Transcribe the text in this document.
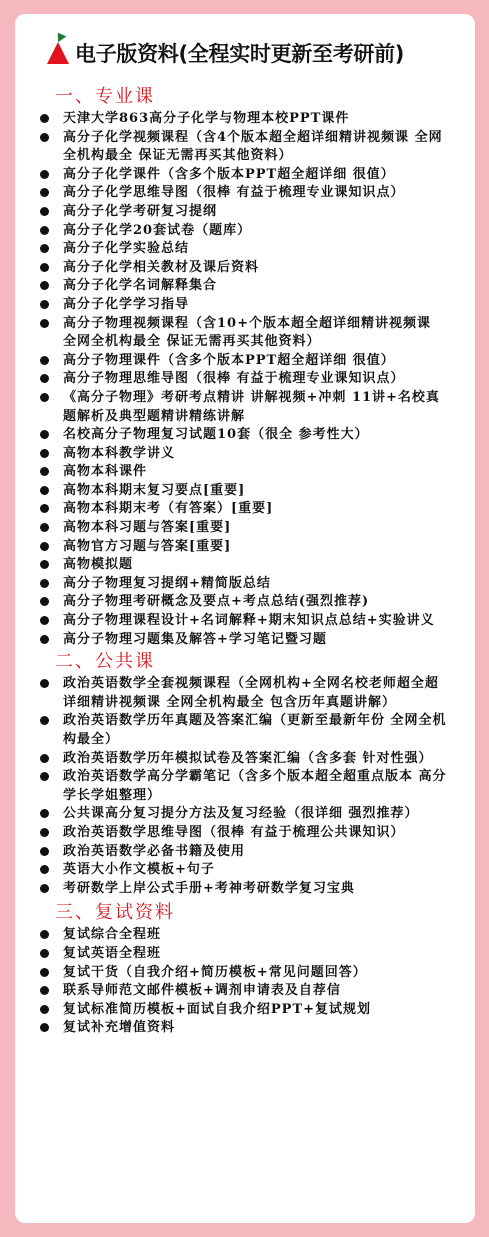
电子版资料(全程实时更新至考研前)
一、专业课
天津大学863高分子化学与物理本校PPT课件
高分子化学视频课程（含4个版本超全超详细精讲视频课 全网全机构最全 保证无需再买其他资料）
高分子化学课件（含多个版本PPT超全超详细 很值）
高分子化学思维导图（很棒 有益于梳理专业课知识点）
高分子化学考研复习提纲
高分子化学20套试卷（题库）
高分子化学实验总结
高分子化学相关教材及课后资料
高分子化学名词解释集合
高分子化学学习指导
高分子物理视频课程（含10+个版本超全超详细精讲视频课 全网全机构最全 保证无需再买其他资料）
高分子物理课件（含多个版本PPT超全超详细 很值）
高分子物理思维导图（很棒 有益于梳理专业课知识点）
《高分子物理》考研考点精讲 讲解视频+冲刺 11讲+名校真题解析及典型题精讲精练讲解
名校高分子物理复习试题10套（很全 参考性大）
高物本科教学讲义
高物本科课件
高物本科期末复习要点[重要]
高物本科期末考（有答案）[重要]
高物本科习题与答案[重要]
高物官方习题与答案[重要]
高物模拟题
高分子物理复习提纲+精简版总结
高分子物理考研概念及要点+考点总结(强烈推荐)
高分子物理课程设计+名词解释+期末知识点总结+实验讲义
高分子物理习题集及解答+学习笔记暨习题
二、公共课
政治英语数学全套视频课程（全网机构+全网名校老师超全超详细精讲视频课 全网全机构最全 包含历年真题讲解）
政治英语数学历年真题及答案汇编（更新至最新年份 全网全机构最全）
政治英语数学历年模拟试卷及答案汇编（含多套 针对性强）
政治英语数学高分学霸笔记（含多个版本超全超重点版本 高分学长学姐整理）
公共课高分复习提分方法及复习经验（很详细 强烈推荐）
政治英语数学思维导图（很棒 有益于梳理公共课知识）
政治英语数学必备书籍及使用
英语大小作文模板+句子
考研数学上岸公式手册+考神考研数学复习宝典
三、复试资料
复试综合全程班
复试英语全程班
复试干货（自我介绍+简历模板+常见问题回答）
联系导师范文邮件模板+调剂申请表及自荐信
复试标准简历模板+面试自我介绍PPT+复试规划
复试补充增值资料
